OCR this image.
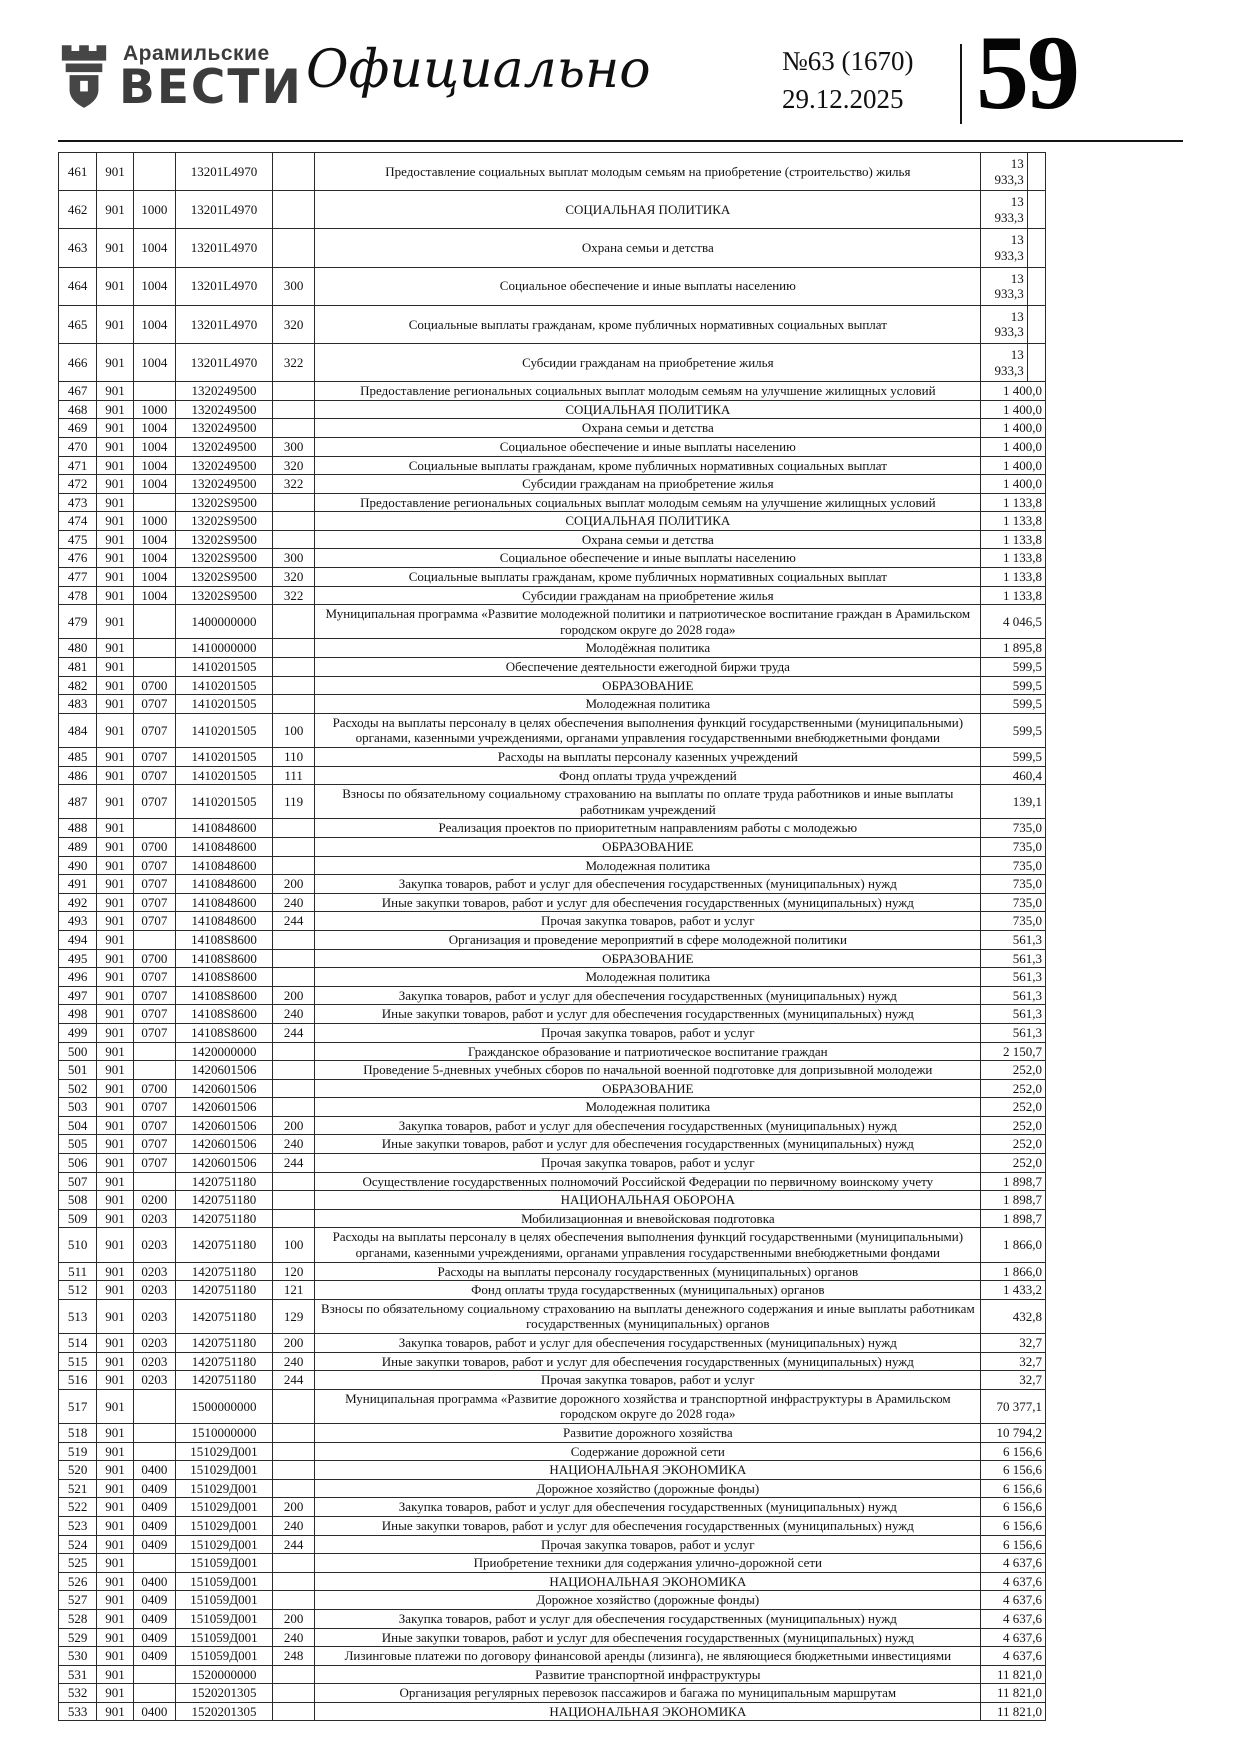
Арамильские
ВЕСТИ Официально	№63 (1670)
29.12.2025 59
461	901		13201L4970		Предоставление социальных выплат молодым семьям на приобретение (строительство) жилья	13 933,3	
462	901	1000	13201L4970		СОЦИАЛЬНАЯ ПОЛИТИКА	13 933,3	
463	901	1004	13201L4970		Охрана семьи и детства	13 933,3	
464	901	1004	13201L4970	300	Социальное обеспечение и иные выплаты населению	13 933,3	
465	901	1004	13201L4970	320	Социальные выплаты гражданам, кроме публичных нормативных социальных выплат	13 933,3	
466	901	1004	13201L4970	322	Субсидии гражданам на приобретение жилья	13 933,3	
467	901		1320249500		Предоставление региональных социальных выплат молодым семьям на улучшение жилищных условий	1 400,0	
468	901	1000	1320249500		СОЦИАЛЬНАЯ ПОЛИТИКА	1 400,0	
469	901	1004	1320249500		Охрана семьи и детства	1 400,0	
470	901	1004	1320249500	300	Социальное обеспечение и иные выплаты населению	1 400,0	
471	901	1004	1320249500	320	Социальные выплаты гражданам, кроме публичных нормативных социальных выплат	1 400,0	
472	901	1004	1320249500	322	Субсидии гражданам на приобретение жилья	1 400,0	
473	901		13202S9500		Предоставление региональных социальных выплат молодым семьям на улучшение жилищных условий	1 133,8	
474	901	1000	13202S9500		СОЦИАЛЬНАЯ ПОЛИТИКА	1 133,8	
475	901	1004	13202S9500		Охрана семьи и детства	1 133,8	
476	901	1004	13202S9500	300	Социальное обеспечение и иные выплаты населению	1 133,8	
477	901	1004	13202S9500	320	Социальные выплаты гражданам, кроме публичных нормативных социальных выплат	1 133,8	
478	901	1004	13202S9500	322	Субсидии гражданам на приобретение жилья	1 133,8	
479	901		1400000000		Муниципальная программа «Развитие молодежной политики и патриотическое воспитание граждан в Арамильском городском округе до 2028 года»	4 046,5	
480	901		1410000000		Молодёжная политика	1 895,8	
481	901		1410201505		Обеспечение деятельности ежегодной биржи труда	599,5	
482	901	0700	1410201505		ОБРАЗОВАНИЕ	599,5	
483	901	0707	1410201505		Молодежная политика	599,5	
484	901	0707	1410201505	100	Расходы на выплаты персоналу в целях обеспечения выполнения функций государственными (муниципальными) органами, казенными учреждениями, органами управления государственными внебюджетными фондами	599,5	
485	901	0707	1410201505	110	Расходы на выплаты персоналу казенных учреждений	599,5	
486	901	0707	1410201505	111	Фонд оплаты труда учреждений	460,4	
487	901	0707	1410201505	119	Взносы по обязательному социальному страхованию на выплаты по оплате труда работников и иные выплаты работникам учреждений	139,1	
488	901		1410848600		Реализация проектов по приоритетным направлениям работы с молодежью	735,0	
489	901	0700	1410848600		ОБРАЗОВАНИЕ	735,0	
490	901	0707	1410848600		Молодежная политика	735,0	
491	901	0707	1410848600	200	Закупка товаров, работ и услуг для обеспечения государственных (муниципальных) нужд	735,0	
492	901	0707	1410848600	240	Иные закупки товаров, работ и услуг для обеспечения государственных (муниципальных) нужд	735,0	
493	901	0707	1410848600	244	Прочая закупка товаров, работ и услуг	735,0	
494	901		14108S8600		Организация и проведение мероприятий в сфере молодежной политики	561,3	
495	901	0700	14108S8600		ОБРАЗОВАНИЕ	561,3	
496	901	0707	14108S8600		Молодежная политика	561,3	
497	901	0707	14108S8600	200	Закупка товаров, работ и услуг для обеспечения государственных (муниципальных) нужд	561,3	
498	901	0707	14108S8600	240	Иные закупки товаров, работ и услуг для обеспечения государственных (муниципальных) нужд	561,3	
499	901	0707	14108S8600	244	Прочая закупка товаров, работ и услуг	561,3	
500	901		1420000000		Гражданское образование и патриотическое воспитание граждан	2 150,7	
501	901		1420601506		Проведение 5-дневных учебных сборов по начальной военной подготовке для допризывной молодежи	252,0	
502	901	0700	1420601506		ОБРАЗОВАНИЕ	252,0	
503	901	0707	1420601506		Молодежная политика	252,0	
504	901	0707	1420601506	200	Закупка товаров, работ и услуг для обеспечения государственных (муниципальных) нужд	252,0	
505	901	0707	1420601506	240	Иные закупки товаров, работ и услуг для обеспечения государственных (муниципальных) нужд	252,0	
506	901	0707	1420601506	244	Прочая закупка товаров, работ и услуг	252,0	
507	901		1420751180		Осуществление государственных полномочий Российской Федерации по первичному воинскому учету	1 898,7	
508	901	0200	1420751180		НАЦИОНАЛЬНАЯ ОБОРОНА	1 898,7	
509	901	0203	1420751180		Мобилизационная и вневойсковая подготовка	1 898,7	
510	901	0203	1420751180	100	Расходы на выплаты персоналу в целях обеспечения выполнения функций государственными (муниципальными) органами, казенными учреждениями, органами управления государственными внебюджетными фондами	1 866,0	
511	901	0203	1420751180	120	Расходы на выплаты персоналу государственных (муниципальных) органов	1 866,0	
512	901	0203	1420751180	121	Фонд оплаты труда государственных (муниципальных) органов	1 433,2	
513	901	0203	1420751180	129	Взносы по обязательному социальному страхованию на выплаты денежного содержания и иные выплаты работникам государственных (муниципальных) органов	432,8	
514	901	0203	1420751180	200	Закупка товаров, работ и услуг для обеспечения государственных (муниципальных) нужд	32,7	
515	901	0203	1420751180	240	Иные закупки товаров, работ и услуг для обеспечения государственных (муниципальных) нужд	32,7	
516	901	0203	1420751180	244	Прочая закупка товаров, работ и услуг	32,7	
517	901		1500000000		Муниципальная программа «Развитие дорожного хозяйства и транспортной инфраструктуры в Арамильском городском округе до 2028 года»	70 377,1	
518	901		1510000000		Развитие дорожного хозяйства	10 794,2	
519	901		151029Д001		Содержание дорожной сети	6 156,6	
520	901	0400	151029Д001		НАЦИОНАЛЬНАЯ ЭКОНОМИКА	6 156,6	
521	901	0409	151029Д001		Дорожное хозяйство (дорожные фонды)	6 156,6	
522	901	0409	151029Д001	200	Закупка товаров, работ и услуг для обеспечения государственных (муниципальных) нужд	6 156,6	
523	901	0409	151029Д001	240	Иные закупки товаров, работ и услуг для обеспечения государственных (муниципальных) нужд	6 156,6	
524	901	0409	151029Д001	244	Прочая закупка товаров, работ и услуг	6 156,6	
525	901		151059Д001		Приобретение техники для содержания улично-дорожной сети	4 637,6	
526	901	0400	151059Д001		НАЦИОНАЛЬНАЯ ЭКОНОМИКА	4 637,6	
527	901	0409	151059Д001		Дорожное хозяйство (дорожные фонды)	4 637,6	
528	901	0409	151059Д001	200	Закупка товаров, работ и услуг для обеспечения государственных (муниципальных) нужд	4 637,6	
529	901	0409	151059Д001	240	Иные закупки товаров, работ и услуг для обеспечения государственных (муниципальных) нужд	4 637,6	
530	901	0409	151059Д001	248	Лизинговые платежи по договору финансовой аренды (лизинга), не являющиеся бюджетными инвестициями	4 637,6	
531	901		1520000000		Развитие транспортной инфраструктуры	11 821,0	
532	901		1520201305		Организация регулярных перевозок пассажиров и багажа по муниципальным маршрутам	11 821,0	
533	901	0400	1520201305		НАЦИОНАЛЬНАЯ ЭКОНОМИКА	11 821,0	
